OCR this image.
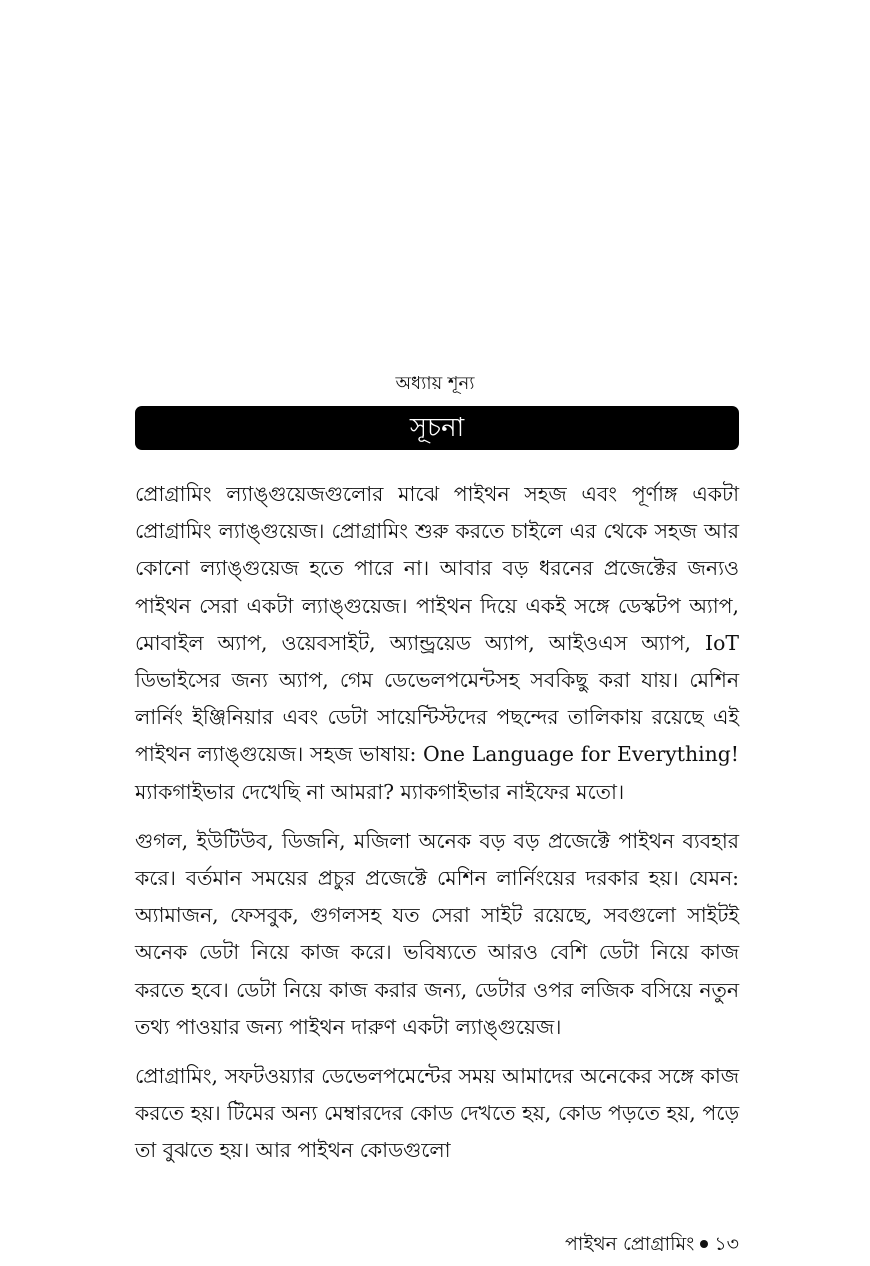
অধ্যায় শূন্য
সূচনা

প্রোগ্রামিং ল্যাঙ্গুয়েজগুলোর মাঝে পাইথন সহজ এবং পূর্ণাঙ্গ একটা প্রোগ্রামিং ল্যাঙ্গুয়েজ। প্রোগ্রামিং শুরু করতে চাইলে এর থেকে সহজ আর কোনো ল্যাঙ্গুয়েজ হতে পারে না। আবার বড় ধরনের প্রজেক্টের জন্যও পাইথন সেরা একটা ল্যাঙ্গুয়েজ। পাইথন দিয়ে একই সঙ্গে ডেস্কটপ অ্যাপ, মোবাইল অ্যাপ, ওয়েবসাইট, অ্যান্ড্রয়েড অ্যাপ, আইওএস অ্যাপ, IoT ডিভাইসের জন্য অ্যাপ, গেম ডেভেলপমেন্টসহ সবকিছু করা যায়। মেশিন লার্নিং ইঞ্জিনিয়ার এবং ডেটা সায়েন্টিস্টদের পছন্দের তালিকায় রয়েছে এই পাইথন ল্যাঙ্গুয়েজ। সহজ ভাষায়: One Language for Everything! ম্যাকগাইভার দেখেছি না আমরা? ম্যাকগাইভার নাইফের মতো।

গুগল, ইউটিউব, ডিজনি, মজিলা অনেক বড় বড় প্রজেক্টে পাইথন ব্যবহার করে। বর্তমান সময়ের প্রচুর প্রজেক্টে মেশিন লার্নিংয়ের দরকার হয়। যেমন: অ্যামাজন, ফেসবুক, গুগলসহ যত সেরা সাইট রয়েছে, সবগুলো সাইটই অনেক ডেটা নিয়ে কাজ করে। ভবিষ্যতে আরও বেশি ডেটা নিয়ে কাজ করতে হবে। ডেটা নিয়ে কাজ করার জন্য, ডেটার ওপর লজিক বসিয়ে নতুন তথ্য পাওয়ার জন্য পাইথন দারুণ একটা ল্যাঙ্গুয়েজ।

প্রোগ্রামিং, সফটওয়্যার ডেভেলপমেন্টের সময় আমাদের অনেকের সঙ্গে কাজ করতে হয়। টিমের অন্য মেম্বারদের কোড দেখতে হয়, কোড পড়তে হয়, পড়ে তা বুঝতে হয়। আর পাইথন কোডগুলো

পাইথন প্রোগ্রামিং ১৩
